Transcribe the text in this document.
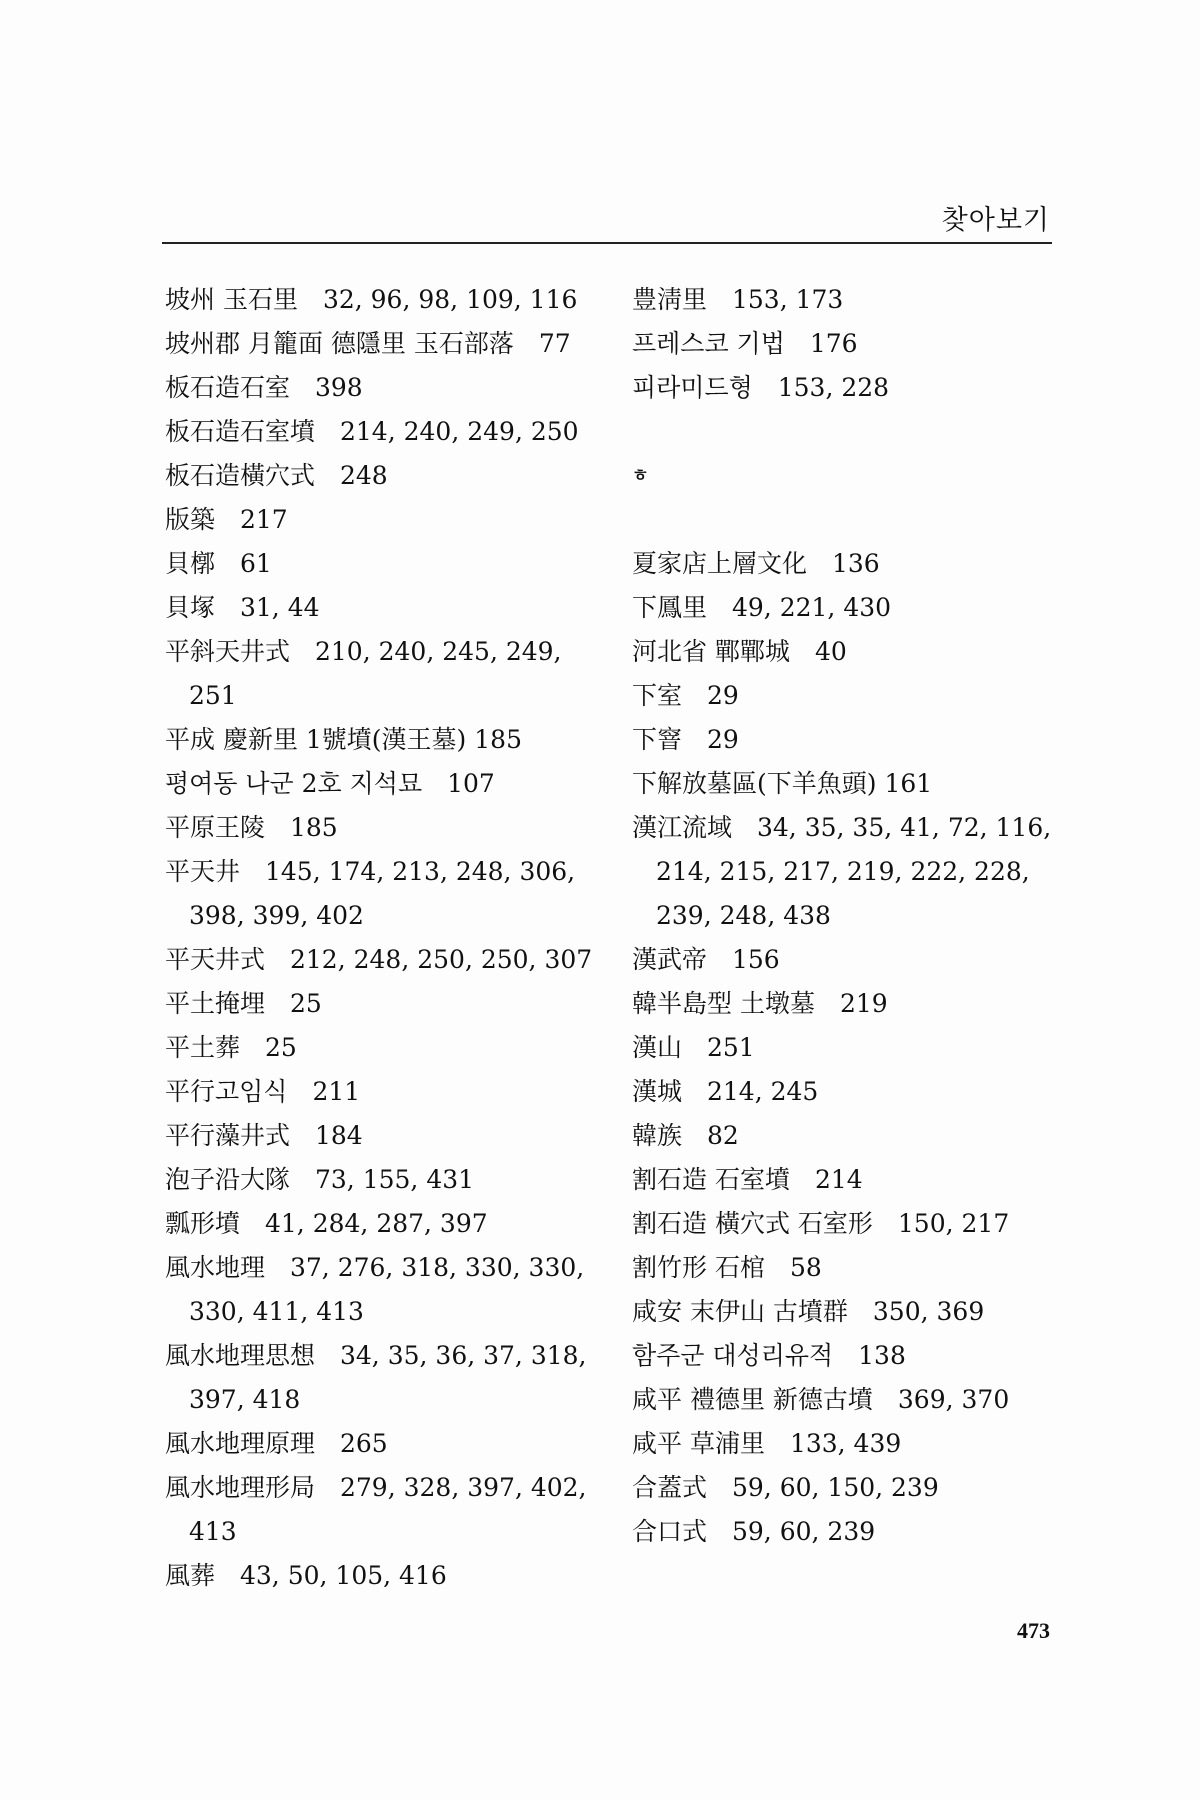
찾아보기
坡州 玉石里　32, 96, 98, 109, 116
坡州郡 月籠面 德隱里 玉石部落　77
板石造石室　398
板石造石室墳　214, 240, 249, 250
板石造橫穴式　248
版築　217
貝槨　61
貝塚　31, 44
平斜天井式　210, 240, 245, 249, 251
平成 慶新里 1號墳(漢王墓) 185
평여동 나군 2호 지석묘　107
平原王陵　185
平天井　145, 174, 213, 248, 306, 398, 399, 402
平天井式　212, 248, 250, 250, 307
平土掩埋　25
平土葬　25
平行고임식　211
平行藻井式　184
泡子沿大隊　73, 155, 431
瓢形墳　41, 284, 287, 397
風水地理　37, 276, 318, 330, 330, 330, 411, 413
風水地理思想　34, 35, 36, 37, 318, 397, 418
風水地理原理　265
風水地理形局　279, 328, 397, 402, 413
風葬　43, 50, 105, 416
豊淸里　153, 173
프레스코 기법　176
피라미드형　153, 228
ㅎ
夏家店上層文化　136
下鳳里　49, 221, 430
河北省 鄲鄲城　40
下室　29
下窨　29
下解放墓區(下羊魚頭) 161
漢江流域　34, 35, 35, 41, 72, 116, 214, 215, 217, 219, 222, 228, 239, 248, 438
漢武帝　156
韓半島型 土墩墓　219
漢山　251
漢城　214, 245
韓族　82
割石造 石室墳　214
割石造 橫穴式 石室形　150, 217
割竹形 石棺　58
咸安 末伊山 古墳群　350, 369
함주군 대성리유적　138
咸平 禮德里 新德古墳　369, 370
咸平 草浦里　133, 439
合蓋式　59, 60, 150, 239
合口式　59, 60, 239
473
